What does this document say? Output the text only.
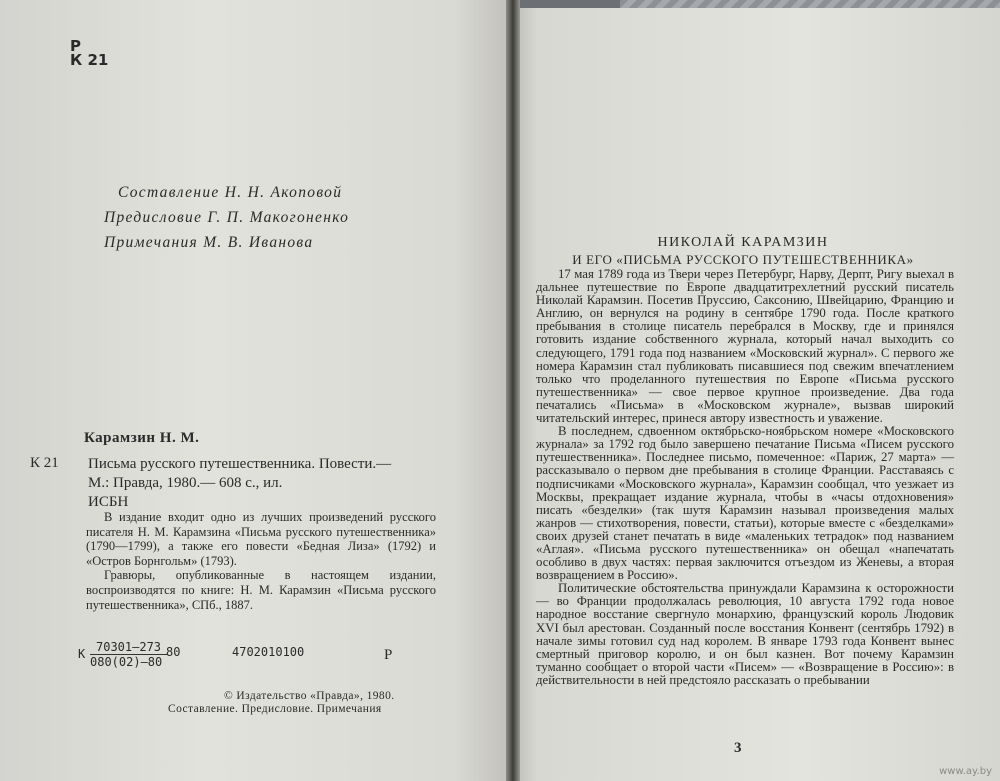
Р
К 21
Составление Н. Н. Акоповой
Предисловие Г. П. Макогоненко
Примечания М. В. Иванова
Карамзин Н. М.
К 21 Письма русского путешественника. Повести.—
М.: Правда, 1980.— 608 с., ил.
ИСБН

В издание входит одно из лучших произведений русского писателя Н. М. Карамзина «Письма русского путешественника» (1790—1799), а также его повести «Бедная Лиза» (1792) и «Остров Борнгольм» (1793).

Гравюры, опубликованные в настоящем издании, воспроизводятся по книге: Н. М. Карамзин «Письма русского путешественника», СПб., 1887.

К 70301—273
080(02)—80
80	4702010100	Р
© Издательство «Правда», 1980.
Составление. Предисловие. Примечания
НИКОЛАЙ КАРАМЗИН
И ЕГО «ПИСЬМА РУССКОГО ПУТЕШЕСТВЕННИКА»

17 мая 1789 года из Твери через Петербург, Нарву, Дерпт, Ригу выехал в дальнее путешествие по Европе двадцатитрехлетний русский писатель Николай Карамзин. Посетив Пруссию, Саксонию, Швейцарию, Францию и Англию, он вернулся на родину в сентябре 1790 года. После краткого пребывания в столице писатель перебрался в Москву, где и принялся готовить издание собственного журнала, который начал выходить со следующего, 1791 года под названием «Московский журнал». С первого же номера Карамзин стал публиковать писавшиеся под свежим впечатлением только что проделанного путешествия по Европе «Письма русского путешественника» — свое первое крупное произведение. Два года печатались «Письма» в «Московском журнале», вызвав широкий читательский интерес, принеся автору известность и уважение.

В последнем, сдвоенном октябрьско-ноябрьском номере «Московского журнала» за 1792 год было завершено печатание Письма «Писем русского путешественника». Последнее письмо, помеченное: «Париж, 27 марта» — рассказывало о первом дне пребывания в столице Франции. Расставаясь с подписчиками «Московского журнала», Карамзин сообщал, что уезжает из Москвы, прекращает издание журнала, чтобы в «часы отдохновения» писать «безделки» (так шутя Карамзин называл произведения малых жанров — стихотворения, повести, статьи), которые вместе с «безделками» своих друзей станет печатать в виде «маленьких тетрадок» под названием «Аглая». «Письма русского путешественника» он обещал «напечатать особливо в двух частях: первая заключится отъездом из Женевы, а вторая возвращением в Россию».

Политические обстоятельства принуждали Карамзина к осторожности — во Франции продолжалась революция, 10 августа 1792 года новое народное восстание свергнуло монархию, французский король Людовик XVI был арестован. Созданный после восстания Конвент (сентябрь 1792) в начале зимы готовил суд над королем. В январе 1793 года Конвент вынес смертный приговор королю, и он был казнен. Вот почему Карамзин туманно сообщает о второй части «Писем» — «Возвращение в Россию»: в действительности в ней предстояло рассказать о пребывании

3
www.ay.by
